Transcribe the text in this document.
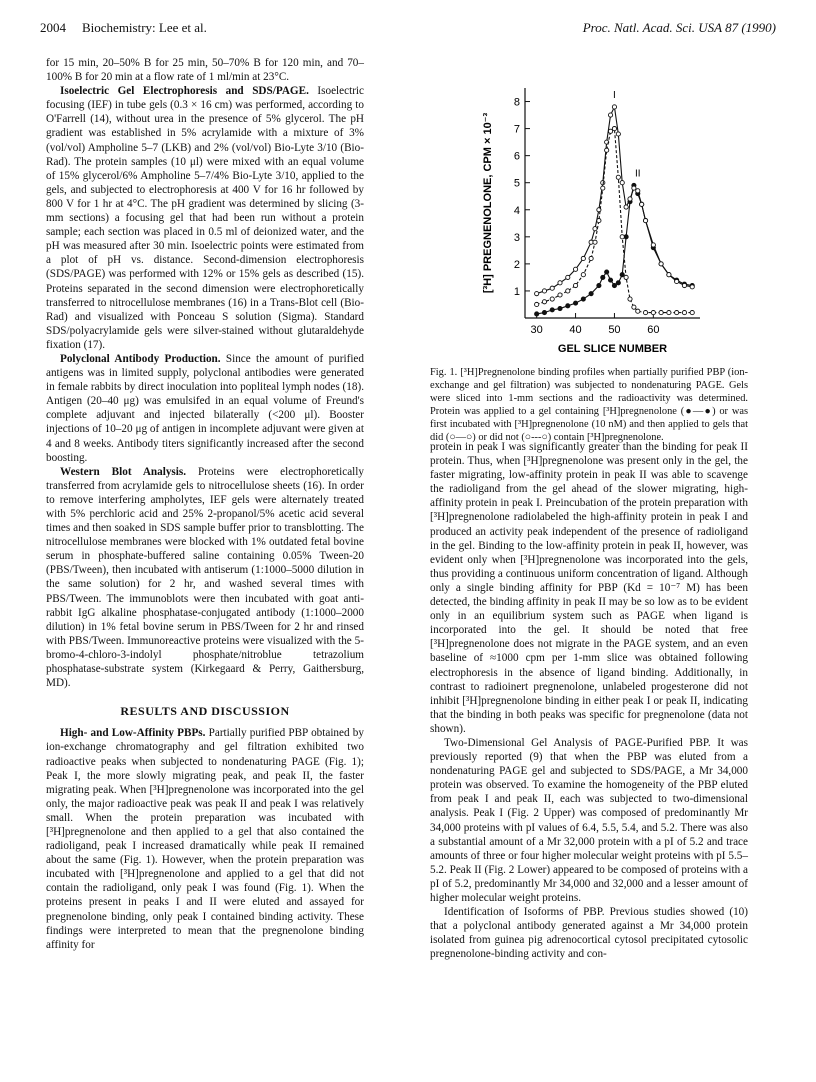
2004 Biochemistry: Lee et al.	Proc. Natl. Acad. Sci. USA 87 (1990)

for 15 min, 20–50% B for 25 min, 50–70% B for 120 min, and 70–100% B for 20 min at a flow rate of 1 ml/min at 23°C.

Isoelectric Gel Electrophoresis and SDS/PAGE. Isoelectric focusing (IEF) in tube gels (0.3 × 16 cm) was performed, according to O'Farrell (14), without urea in the presence of 5% glycerol. The pH gradient was established in 5% acrylamide with a mixture of 3% (vol/vol) Ampholine 5–7 (LKB) and 2% (vol/vol) Bio-Lyte 3/10 (Bio-Rad). The protein samples (10 μl) were mixed with an equal volume of 15% glycerol/6% Ampholine 5–7/4% Bio-Lyte 3/10, applied to the gels, and subjected to electrophoresis at 400 V for 16 hr followed by 800 V for 1 hr at 4°C. The pH gradient was determined by slicing (3-mm sections) a focusing gel that had been run without a protein sample; each section was placed in 0.5 ml of deionized water, and the pH was measured after 30 min. Isoelectric points were estimated from a plot of pH vs. distance. Second-dimension electrophoresis (SDS/PAGE) was performed with 12% or 15% gels as described (15). Proteins separated in the second dimension were electrophoretically transferred to nitrocellulose membranes (16) in a Trans-Blot cell (Bio-Rad) and visualized with Ponceau S solution (Sigma). Standard SDS/polyacrylamide gels were silver-stained without glutaraldehyde fixation (17).

Polyclonal Antibody Production. Since the amount of purified antigens was in limited supply, polyclonal antibodies were generated in female rabbits by direct inoculation into popliteal lymph nodes (18). Antigen (20–40 μg) was emulsifed in an equal volume of Freund's complete adjuvant and injected bilaterally (<200 μl). Booster injections of 10–20 μg of antigen in incomplete adjuvant were given at 4 and 8 weeks. Antibody titers significantly increased after the second boosting.

Western Blot Analysis. Proteins were electrophoretically transferred from acrylamide gels to nitrocellulose sheets (16). In order to remove interfering ampholytes, IEF gels were alternately treated with 5% perchloric acid and 25% 2-propanol/5% acetic acid several times and then soaked in SDS sample buffer prior to transblotting. The nitrocellulose membranes were blocked with 1% outdated fetal bovine serum in phosphate-buffered saline containing 0.05% Tween-20 (PBS/Tween), then incubated with antiserum (1:1000–5000 dilution in the same solution) for 2 hr, and washed several times with PBS/Tween. The immunoblots were then incubated with goat anti-rabbit IgG alkaline phosphatase-conjugated antibody (1:1000–2000 dilution) in 1% fetal bovine serum in PBS/Tween for 2 hr and rinsed with PBS/Tween. Immunoreactive proteins were visualized with the 5-bromo-4-chloro-3-indolyl phosphate/nitroblue tetrazolium phosphatase-substrate system (Kirkegaard & Perry, Gaithersburg, MD).

RESULTS AND DISCUSSION

High- and Low-Affinity PBPs. Partially purified PBP obtained by ion-exchange chromatography and gel filtration exhibited two radioactive peaks when subjected to nondenaturing PAGE (Fig. 1); Peak I, the more slowly migrating peak, and peak II, the faster migrating peak. When [³H]pregnenolone was incorporated into the gel only, the major radioactive peak was peak II and peak I was relatively small. When the protein preparation was incubated with [³H]pregnenolone and then applied to a gel that also contained the radioligand, peak I increased dramatically while peak II remained about the same (Fig. 1). However, when the protein preparation was incubated with [³H]pregnenolone and applied to a gel that did not contain the radioligand, only peak I was found (Fig. 1). When the proteins present in peaks I and II were eluted and assayed for pregnenolone binding, only peak I contained binding activity. These findings were interpreted to mean that the pregnenolone binding affinity for

1
2
3
4
5
6
7
8
30 40 50 60
GEL SLICE NUMBER
[³H] PREGNENOLONE, CPM × 10⁻³
I
II

Fig. 1. [³H]Pregnenolone binding profiles when partially purified PBP (ion-exchange and gel filtration) was subjected to nondenaturing PAGE. Gels were sliced into 1-mm sections and the radioactivity was determined. Protein was applied to a gel containing [³H]pregnenolone (●—●) or was first incubated with [³H]pregnenolone (10 nM) and then applied to gels that did (○—○) or did not (○---○) contain [³H]pregnenolone.

protein in peak I was significantly greater than the binding for peak II protein. Thus, when [³H]pregnenolone was present only in the gel, the faster migrating, low-affinity protein in peak II was able to scavenge the radioligand from the gel ahead of the slower migrating, high-affinity protein in peak I. Preincubation of the protein preparation with [³H]pregnenolone radiolabeled the high-affinity protein in peak I and produced an activity peak independent of the presence of radioligand in the gel. Binding to the low-affinity protein in peak II, however, was evident only when [³H]pregnenolone was incorporated into the gels, thus providing a continuous uniform concentration of ligand. Although only a single binding affinity for PBP (Kd = 10⁻⁷ M) has been detected, the binding affinity in peak II may be so low as to be evident only in an equilibrium system such as PAGE when ligand is incorporated into the gel. It should be noted that free [³H]pregnenolone does not migrate in the PAGE system, and an even baseline of ≈1000 cpm per 1-mm slice was obtained following electrophoresis in the absence of ligand binding. Additionally, in contrast to radioinert pregnenolone, unlabeled progesterone did not inhibit [³H]pregnenolone binding in either peak I or peak II, indicating that the binding in both peaks was specific for pregnenolone (data not shown).

Two-Dimensional Gel Analysis of PAGE-Purified PBP. It was previously reported (9) that when the PBP was eluted from a nondenaturing PAGE gel and subjected to SDS/PAGE, a Mr 34,000 protein was observed. To examine the homogeneity of the PBP eluted from peak I and peak II, each was subjected to two-dimensional analysis. Peak I (Fig. 2 Upper) was composed of predominantly Mr 34,000 proteins with pI values of 6.4, 5.5, 5.4, and 5.2. There was also a substantial amount of a Mr 32,000 protein with a pI of 5.2 and trace amounts of three or four higher molecular weight proteins with pI 5.5–5.2. Peak II (Fig. 2 Lower) appeared to be composed of proteins with a pI of 5.2, predominantly Mr 34,000 and 32,000 and a lesser amount of higher molecular weight proteins.

Identification of Isoforms of PBP. Previous studies showed (10) that a polyclonal antibody generated against a Mr 34,000 protein isolated from guinea pig adrenocortical cytosol precipitated cytosolic pregnenolone-binding activity and con-
